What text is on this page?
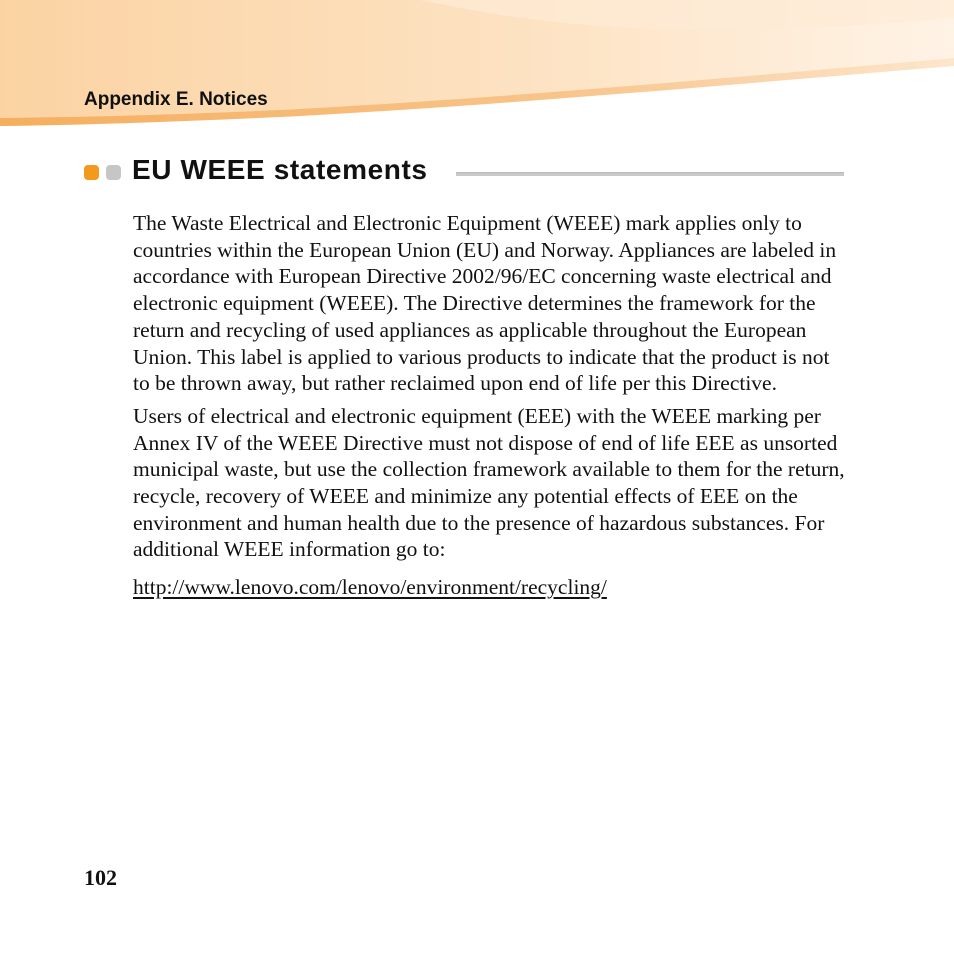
Appendix E. Notices
EU WEEE statements

The Waste Electrical and Electronic Equipment (WEEE) mark applies only to countries within the European Union (EU) and Norway. Appliances are labeled in accordance with European Directive 2002/96/EC concerning waste electrical and electronic equipment (WEEE). The Directive determines the framework for the return and recycling of used appliances as applicable throughout the European Union. This label is applied to various products to indicate that the product is not to be thrown away, but rather reclaimed upon end of life per this Directive.

Users of electrical and electronic equipment (EEE) with the WEEE marking per Annex IV of the WEEE Directive must not dispose of end of life EEE as unsorted municipal waste, but use the collection framework available to them for the return, recycle, recovery of WEEE and minimize any potential effects of EEE on the environment and human health due to the presence of hazardous substances. For additional WEEE information go to:

http://www.lenovo.com/lenovo/environment/recycling/
102
